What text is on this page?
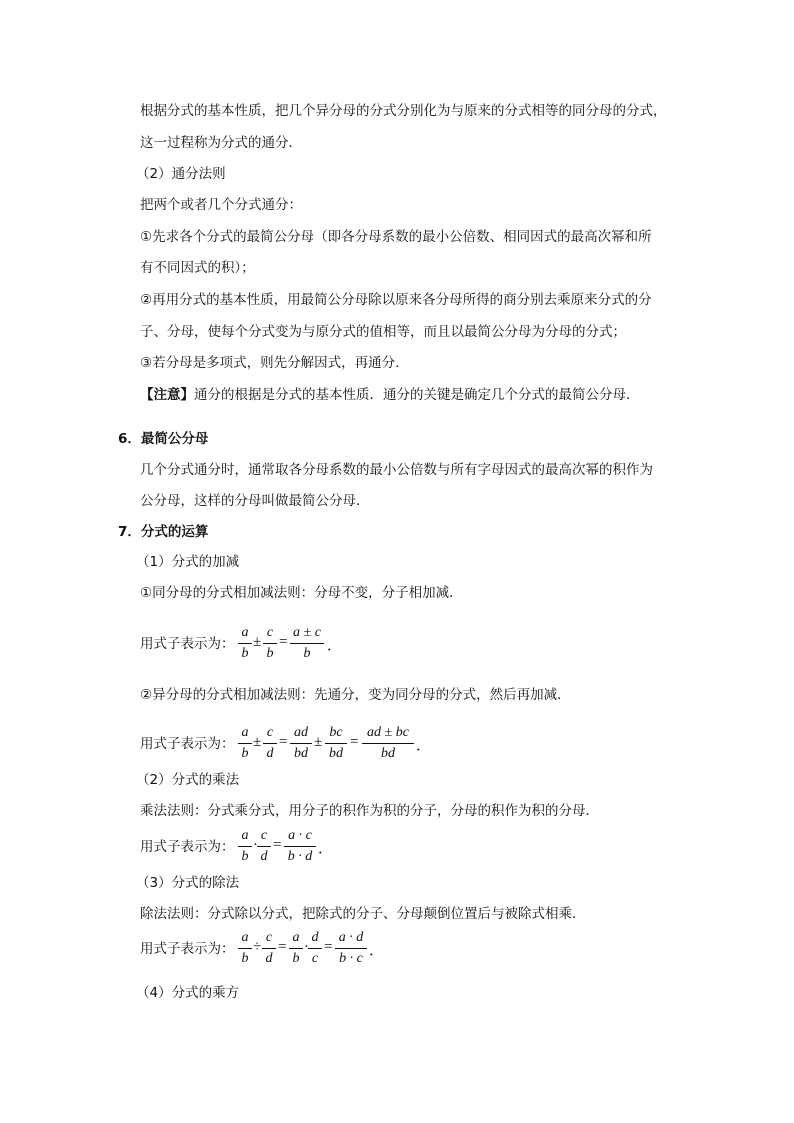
根据分式的基本性质，把几个异分母的分式分别化为与原来的分式相等的同分母的分式，
这一过程称为分式的通分．
（2）通分法则
把两个或者几个分式通分：
①先求各个分式的最简公分母（即各分母系数的最小公倍数、相同因式的最高次幂和所
有不同因式的积）；
②再用分式的基本性质，用最简公分母除以原来各分母所得的商分别去乘原来分式的分
子、分母，使每个分式变为与原分式的值相等，而且以最简公分母为分母的分式；
③若分母是多项式，则先分解因式，再通分.
【注意】通分的根据是分式的基本性质．通分的关键是确定几个分式的最简公分母．
6．最简公分母
几个分式通分时，通常取各分母系数的最小公倍数与所有字母因式的最高次幂的积作为
公分母，这样的分母叫做最简公分母．
7．分式的运算
（1）分式的加减
①同分母的分式相加减法则：分母不变，分子相加减．
用式子表示为：
a
b
±
c
b
=
a ± c
b	．
②异分母的分式相加减法则：先通分，变为同分母的分式，然后再加减．
用式子表示为：
a
b
±
c
d
=
ad
bd
±
bc
bd
=
ad ± bc
bd	．
（2）分式的乘法
乘法法则：分式乘分式，用分子的积作为积的分子，分母的积作为积的分母．
用式子表示为：
a
b
·
c
d
=
a · c
b · d ．
（3）分式的除法
除法法则：分式除以分式，把除式的分子、分母颠倒位置后与被除式相乘．
用式子表示为：
a
b
÷
c
d
=
a
b
·
d
c
=
a · d
b · c ．
（4）分式的乘方
